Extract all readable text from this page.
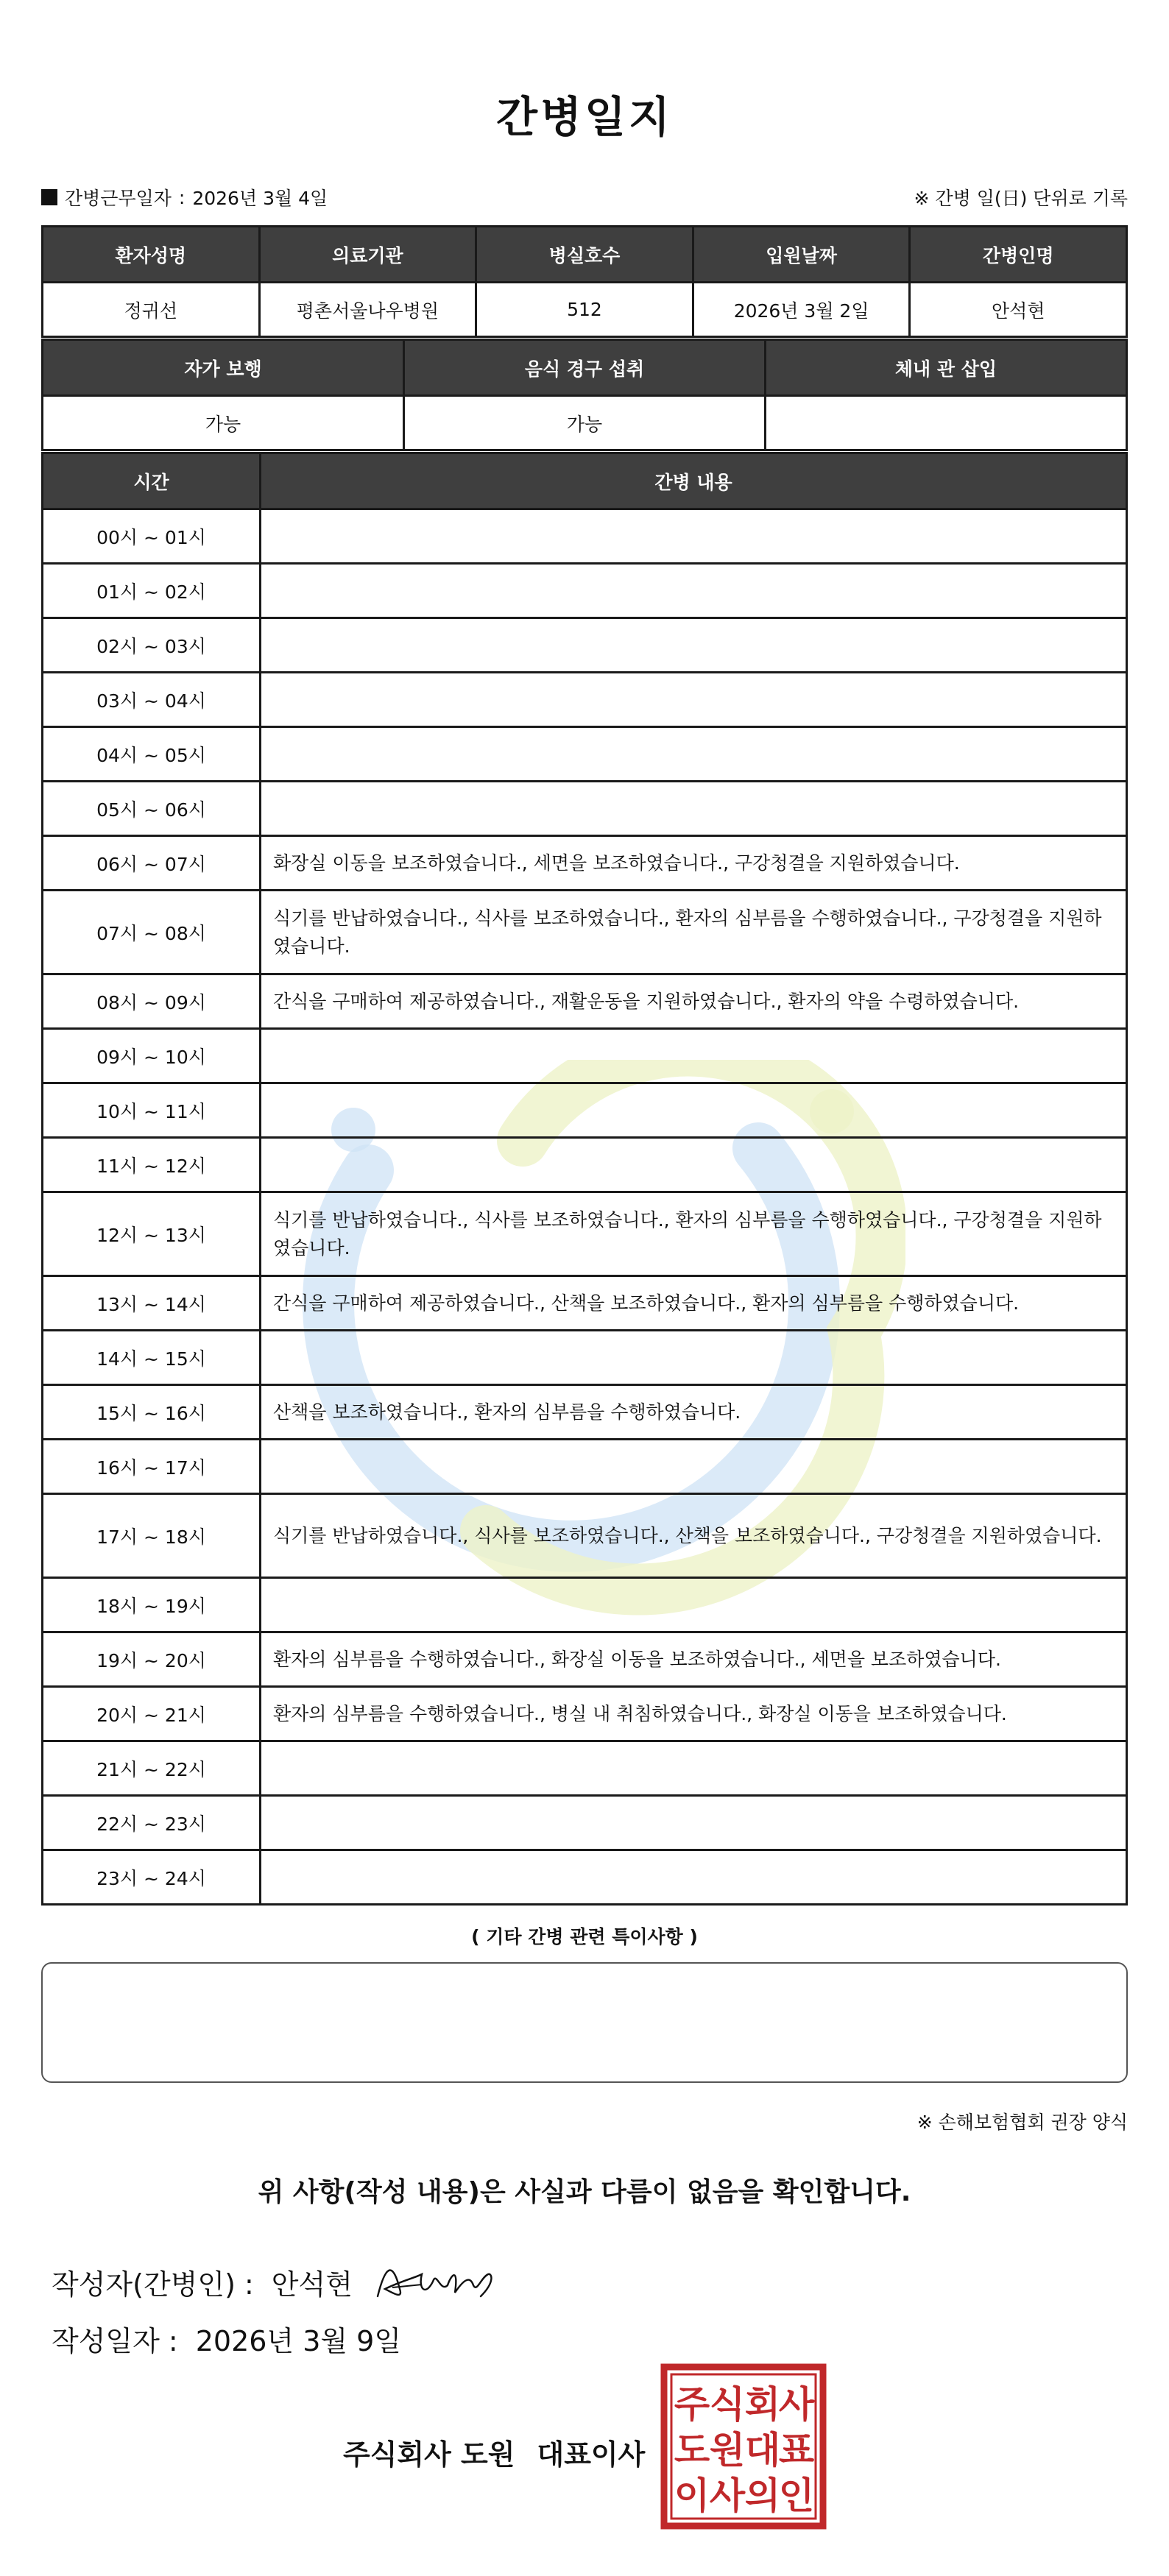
간병일지
간병근무일자 : 2026년 3월 4일	※ 간병 일(日) 단위로 기록
환자성명	의료기관	병실호수	입원날짜	간병인명
정귀선	평촌서울나우병원	512	2026년 3월 2일	안석현
자가 보행	음식 경구 섭취	체내 관 삽입
가능	가능	
시간	간병 내용
00시 ~ 01시	
01시 ~ 02시	
02시 ~ 03시	
03시 ~ 04시	
04시 ~ 05시	
05시 ~ 06시	
06시 ~ 07시	화장실 이동을 보조하였습니다., 세면을 보조하였습니다., 구강청결을 지원하였습니다.
07시 ~ 08시	식기를 반납하였습니다., 식사를 보조하였습니다., 환자의 심부름을 수행하였습니다., 구강청결을 지원하였습니다.
08시 ~ 09시	간식을 구매하여 제공하였습니다., 재활운동을 지원하였습니다., 환자의 약을 수령하였습니다.
09시 ~ 10시	
10시 ~ 11시	
11시 ~ 12시	
12시 ~ 13시	식기를 반납하였습니다., 식사를 보조하였습니다., 환자의 심부름을 수행하였습니다., 구강청결을 지원하였습니다.
13시 ~ 14시	간식을 구매하여 제공하였습니다., 산책을 보조하였습니다., 환자의 심부름을 수행하였습니다.
14시 ~ 15시	
15시 ~ 16시	산책을 보조하였습니다., 환자의 심부름을 수행하였습니다.
16시 ~ 17시	
17시 ~ 18시	식기를 반납하였습니다., 식사를 보조하였습니다., 산책을 보조하였습니다., 구강청결을 지원하였습니다.
18시 ~ 19시	
19시 ~ 20시	환자의 심부름을 수행하였습니다., 화장실 이동을 보조하였습니다., 세면을 보조하였습니다.
20시 ~ 21시	환자의 심부름을 수행하였습니다., 병실 내 취침하였습니다., 화장실 이동을 보조하였습니다.
21시 ~ 22시	
22시 ~ 23시	
23시 ~ 24시	
( 기타 간병 관련 특이사항 )
※ 손해보험협회 권장 양식
위 사항(작성 내용)은 사실과 다름이 없음을 확인합니다.
작성자(간병인) : 안석현
작성일자 : 2026년 3월 9일
주식회사 도원 대표이사
주 식 회
사
도 원 대
표
이 사 의
인
